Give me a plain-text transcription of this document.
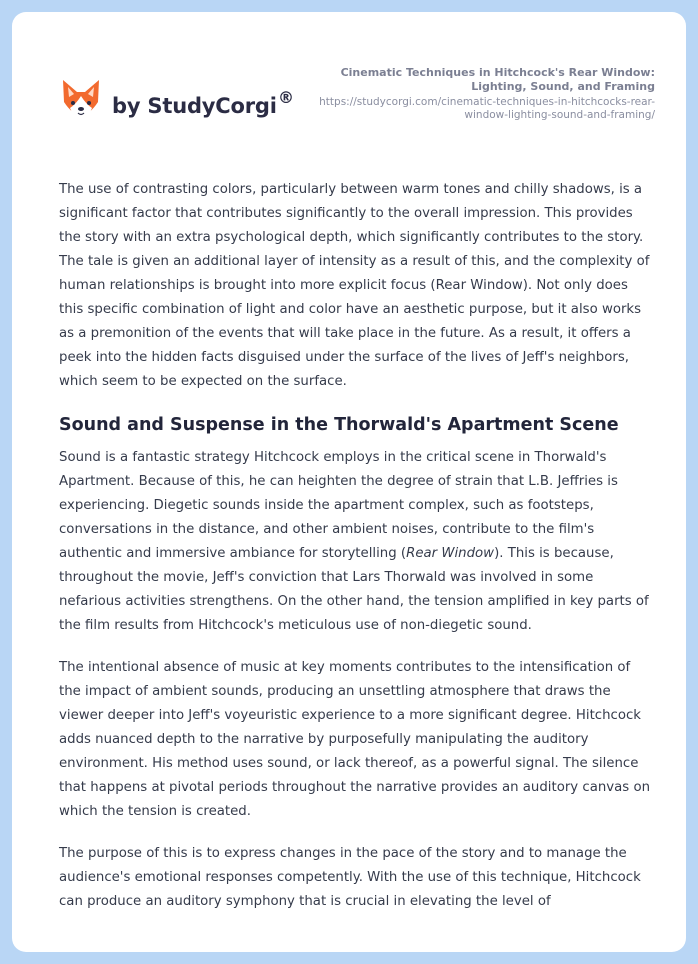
by StudyCorgi ®
Cinematic Techniques in Hitchcock's Rear Window: Lighting, Sound, and Framing
https://studycorgi.com/cinematic-techniques-in-hitchcocks-rear-window-lighting-sound-and-framing/

The use of contrasting colors, particularly between warm tones and chilly shadows, is a significant factor that contributes significantly to the overall impression. This provides the story with an extra psychological depth, which significantly contributes to the story. The tale is given an additional layer of intensity as a result of this, and the complexity of human relationships is brought into more explicit focus (Rear Window). Not only does this specific combination of light and color have an aesthetic purpose, but it also works as a premonition of the events that will take place in the future. As a result, it offers a peek into the hidden facts disguised under the surface of the lives of Jeff's neighbors, which seem to be expected on the surface.

Sound and Suspense in the Thorwald's Apartment Scene

Sound is a fantastic strategy Hitchcock employs in the critical scene in Thorwald's Apartment. Because of this, he can heighten the degree of strain that L.B. Jeffries is experiencing. Diegetic sounds inside the apartment complex, such as footsteps, conversations in the distance, and other ambient noises, contribute to the film's authentic and immersive ambiance for storytelling (Rear Window). This is because, throughout the movie, Jeff's conviction that Lars Thorwald was involved in some nefarious activities strengthens. On the other hand, the tension amplified in key parts of the film results from Hitchcock's meticulous use of non-diegetic sound.

The intentional absence of music at key moments contributes to the intensification of the impact of ambient sounds, producing an unsettling atmosphere that draws the viewer deeper into Jeff's voyeuristic experience to a more significant degree. Hitchcock adds nuanced depth to the narrative by purposefully manipulating the auditory environment. His method uses sound, or lack thereof, as a powerful signal. The silence that happens at pivotal periods throughout the narrative provides an auditory canvas on which the tension is created.

The purpose of this is to express changes in the pace of the story and to manage the audience's emotional responses competently. With the use of this technique, Hitchcock can produce an auditory symphony that is crucial in elevating the level of
